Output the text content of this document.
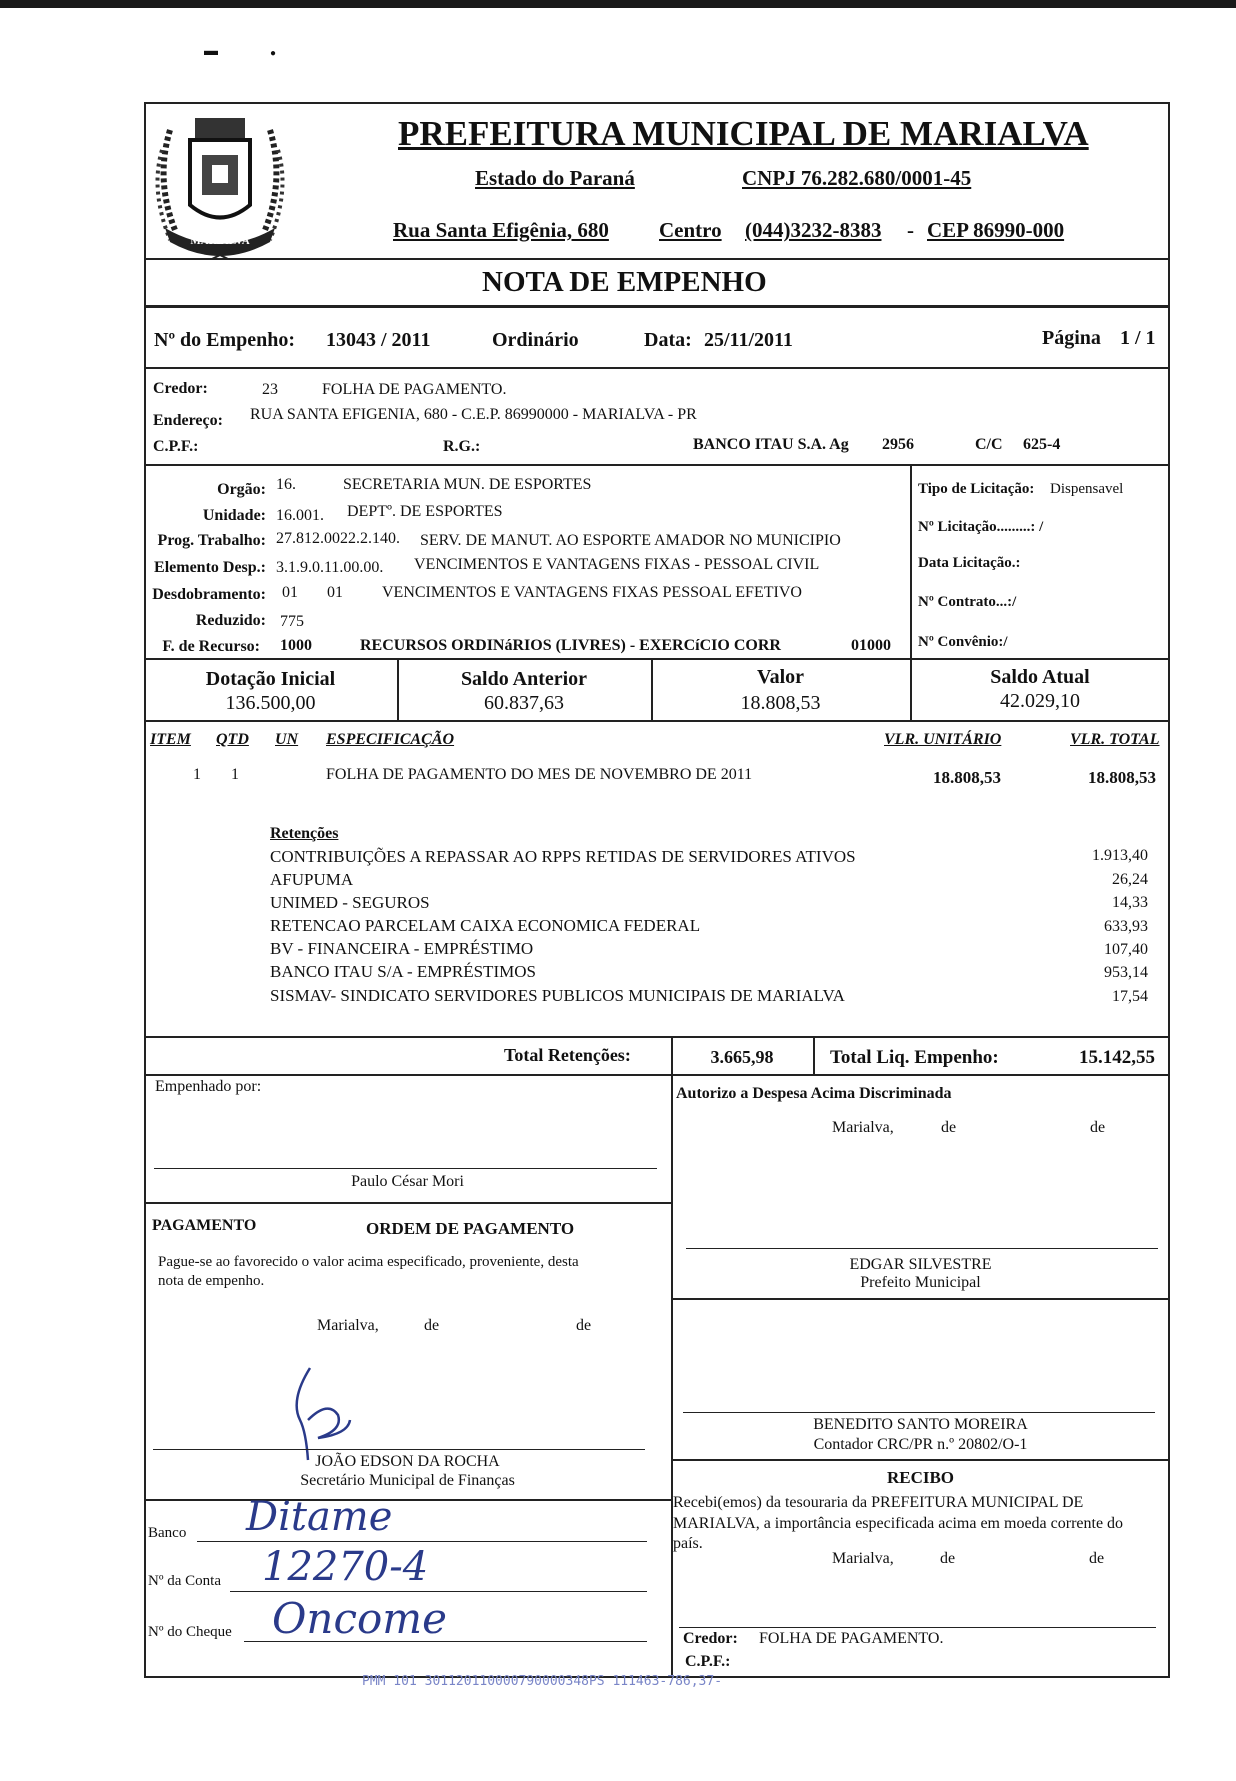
▬	●
MARIALVA
PREFEITURA MUNICIPAL DE MARIALVA
Estado do Paraná	CNPJ 76.282.680/0001-45
Rua Santa Efigênia, 680 Centro (044)3232-8383 - CEP 86990-000
NOTA DE EMPENHO
Nº do Empenho: 13043 / 2011	Ordinário	Data: 25/11/2011	Página 1 / 1
Credor:	23	FOLHA DE PAGAMENTO.
Endereço: RUA SANTA EFIGENIA, 680 - C.E.P. 86990000 - MARIALVA - PR
C.P.F.:	R.G.:	BANCO ITAU S.A. Ag 2956	C/C 625-4
Orgão: 16.	SECRETARIA MUN. DE ESPORTES
Unidade: 16.001. DEPTº. DE ESPORTES
Prog. Trabalho: 27.812.0022.2.140. SERV. DE MANUT. AO ESPORTE AMADOR NO MUNICIPIO
Elemento Desp.: 3.1.9.0.11.00.00. VENCIMENTOS E VANTAGENS FIXAS - PESSOAL CIVIL
Desdobramento: 01 01 VENCIMENTOS E VANTAGENS FIXAS PESSOAL EFETIVO
Reduzido: 775
F. de Recurso: 1000	RECURSOS ORDINáRIOS (LIVRES) - EXERCíCIO CORR	01000
Tipo de Licitação: Dispensavel
Nº Licitação.........: /
Data Licitação.:
Nº Contrato...:/
Nº Convênio:/
Dotação Inicial
136.500,00
Saldo Anterior
60.837,63
Valor
18.808,53
Saldo Atual
42.029,10
ITEM QTD UN ESPECIFICAÇÃO	VLR. UNITÁRIO	VLR. TOTAL
1 1	FOLHA DE PAGAMENTO DO MES DE NOVEMBRO DE 2011	18.808,53	18.808,53
Retenções
CONTRIBUIÇÕES A REPASSAR AO RPPS RETIDAS DE SERVIDORES ATIVOS	1.913,40
AFUPUMA	26,24
UNIMED - SEGUROS	14,33
RETENCAO PARCELAM CAIXA ECONOMICA FEDERAL	633,93
BV - FINANCEIRA - EMPRÉSTIMO	107,40
BANCO ITAU S/A - EMPRÉSTIMOS	953,14
SISMAV- SINDICATO SERVIDORES PUBLICOS MUNICIPAIS DE MARIALVA	17,54
Total Retenções:	3.665,98	Total Liq. Empenho:	15.142,55
Empenhado por:
Paulo César Mori
Autorizo a Despesa Acima Discriminada
Marialva,	de	de
EDGAR SILVESTRE
Prefeito Municipal
PAGAMENTO	ORDEM DE PAGAMENTO
Pague-se ao favorecido o valor acima especificado, proveniente, desta
nota de empenho.
Marialva,	de	de
JOÃO EDSON DA ROCHA
Secretário Municipal de Finanças
BENEDITO SANTO MOREIRA
Contador CRC/PR n.º 20802/O-1
RECIBO
Recebi(emos) da tesouraria da PREFEITURA MUNICIPAL DE
MARIALVA, a importância especificada acima em moeda corrente do
país.
Marialva,	de	de
Credor: FOLHA DE PAGAMENTO.
C.P.F.:
Banco Ditame
Nº da Conta 12270-4
Nº do Cheque Oncome
PMM 101 301120110000790000348PS 111463-786,37-
